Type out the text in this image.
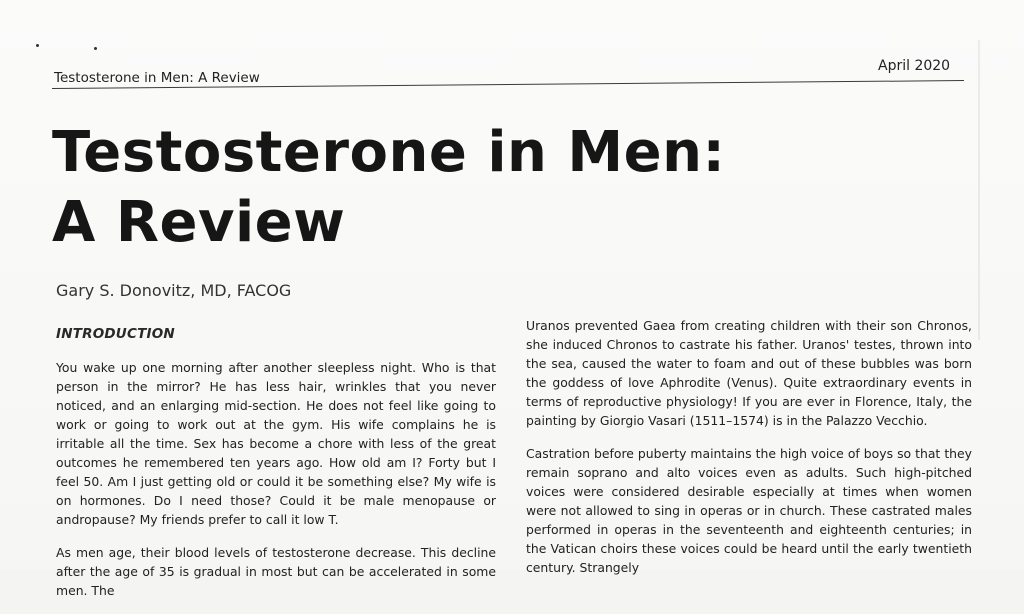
Testosterone in Men: A Review
April 2020
Testosterone in Men:
A Review
Gary S. Donovitz, MD, FACOG
INTRODUCTION

You wake up one morning after another sleepless night. Who is that person in the mirror? He has less hair, wrinkles that you never noticed, and an enlarging mid-section. He does not feel like going to work or going to work out at the gym. His wife complains he is irritable all the time. Sex has become a chore with less of the great outcomes he remembered ten years ago. How old am I? Forty but I feel 50. Am I just getting old or could it be something else? My wife is on hormones. Do I need those? Could it be male menopause or andropause? My friends prefer to call it low T.

As men age, their blood levels of testosterone decrease. This decline after the age of 35 is gradual in most but can be accelerated in some men. The

Uranos prevented Gaea from creating children with their son Chronos, she induced Chronos to castrate his father. Uranos' testes, thrown into the sea, caused the water to foam and out of these bubbles was born the goddess of love Aphrodite (Venus). Quite extraordinary events in terms of reproductive physiology! If you are ever in Florence, Italy, the painting by Giorgio Vasari (1511–1574) is in the Palazzo Vecchio.

Castration before puberty maintains the high voice of boys so that they remain soprano and alto voices even as adults. Such high-pitched voices were considered desirable especially at times when women were not allowed to sing in operas or in church. These castrated males performed in operas in the seventeenth and eighteenth centuries; in the Vatican choirs these voices could be heard until the early twentieth century. Strangely
